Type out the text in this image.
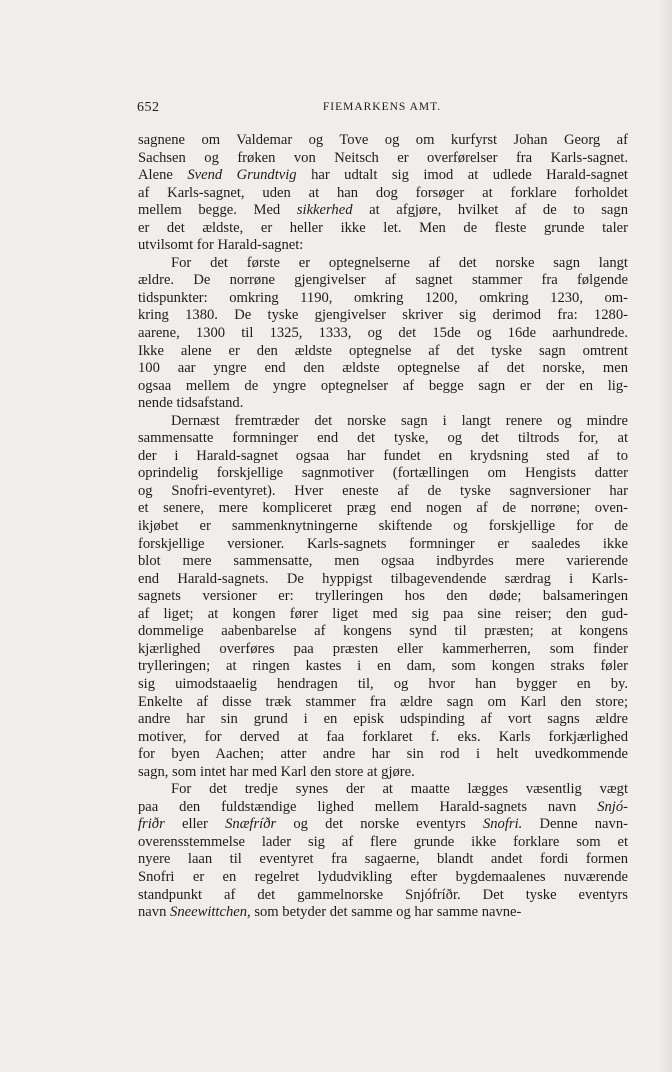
652	FIEMARKENS AMT.
sagnene om Valdemar og Tove og om kurfyrst Johan Georg af
Sachsen og frøken von Neitsch er overførelser fra Karls-sagnet.
Alene Svend Grundtvig har udtalt sig imod at udlede Harald-sagnet
af Karls-sagnet, uden at han dog forsøger at forklare forholdet
mellem begge. Med sikkerhed at afgjøre, hvilket af de to sagn
er det ældste, er heller ikke let. Men de fleste grunde taler
utvilsomt for Harald-sagnet:
For det første er optegnelserne af det norske sagn langt
ældre. De norrøne gjengivelser af sagnet stammer fra følgende
tidspunkter: omkring 1190, omkring 1200, omkring 1230, om-
kring 1380. De tyske gjengivelser skriver sig derimod fra: 1280-
aarene, 1300 til 1325, 1333, og det 15de og 16de aarhundrede.
Ikke alene er den ældste optegnelse af det tyske sagn omtrent
100 aar yngre end den ældste optegnelse af det norske, men
ogsaa mellem de yngre optegnelser af begge sagn er der en lig-
nende tidsafstand.
Dernæst fremtræder det norske sagn i langt renere og mindre
sammensatte formninger end det tyske, og det tiltrods for, at
der i Harald-sagnet ogsaa har fundet en krydsning sted af to
oprindelig forskjellige sagnmotiver (fortællingen om Hengists datter
og Snofri-eventyret). Hver eneste af de tyske sagnversioner har
et senere, mere kompliceret præg end nogen af de norrøne; oven-
ikjøbet er sammenknytningerne skiftende og forskjellige for de
forskjellige versioner. Karls-sagnets formninger er saaledes ikke
blot mere sammensatte, men ogsaa indbyrdes mere varierende
end Harald-sagnets. De hyppigst tilbagevendende særdrag i Karls-
sagnets versioner er: trylleringen hos den døde; balsameringen
af liget; at kongen fører liget med sig paa sine reiser; den gud-
dommelige aabenbarelse af kongens synd til præsten; at kongens
kjærlighed overføres paa præsten eller kammerherren, som finder
trylleringen; at ringen kastes i en dam, som kongen straks føler
sig uimodstaaelig hendragen til, og hvor han bygger en by.
Enkelte af disse træk stammer fra ældre sagn om Karl den store;
andre har sin grund i en episk udspinding af vort sagns ældre
motiver, for derved at faa forklaret f. eks. Karls forkjærlighed
for byen Aachen; atter andre har sin rod i helt uvedkommende
sagn, som intet har med Karl den store at gjøre.
For det tredje synes der at maatte lægges væsentlig vægt
paa den fuldstændige lighed mellem Harald-sagnets navn Snjó-
friðr eller Snæfríðr og det norske eventyrs Snofri. Denne navn-
overensstemmelse lader sig af flere grunde ikke forklare som et
nyere laan til eventyret fra sagaerne, blandt andet fordi formen
Snofri er en regelret lydudvikling efter bygdemaalenes nuværende
standpunkt af det gammelnorske Snjófríðr. Det tyske eventyrs
navn Sneewittchen, som betyder det samme og har samme navne-
